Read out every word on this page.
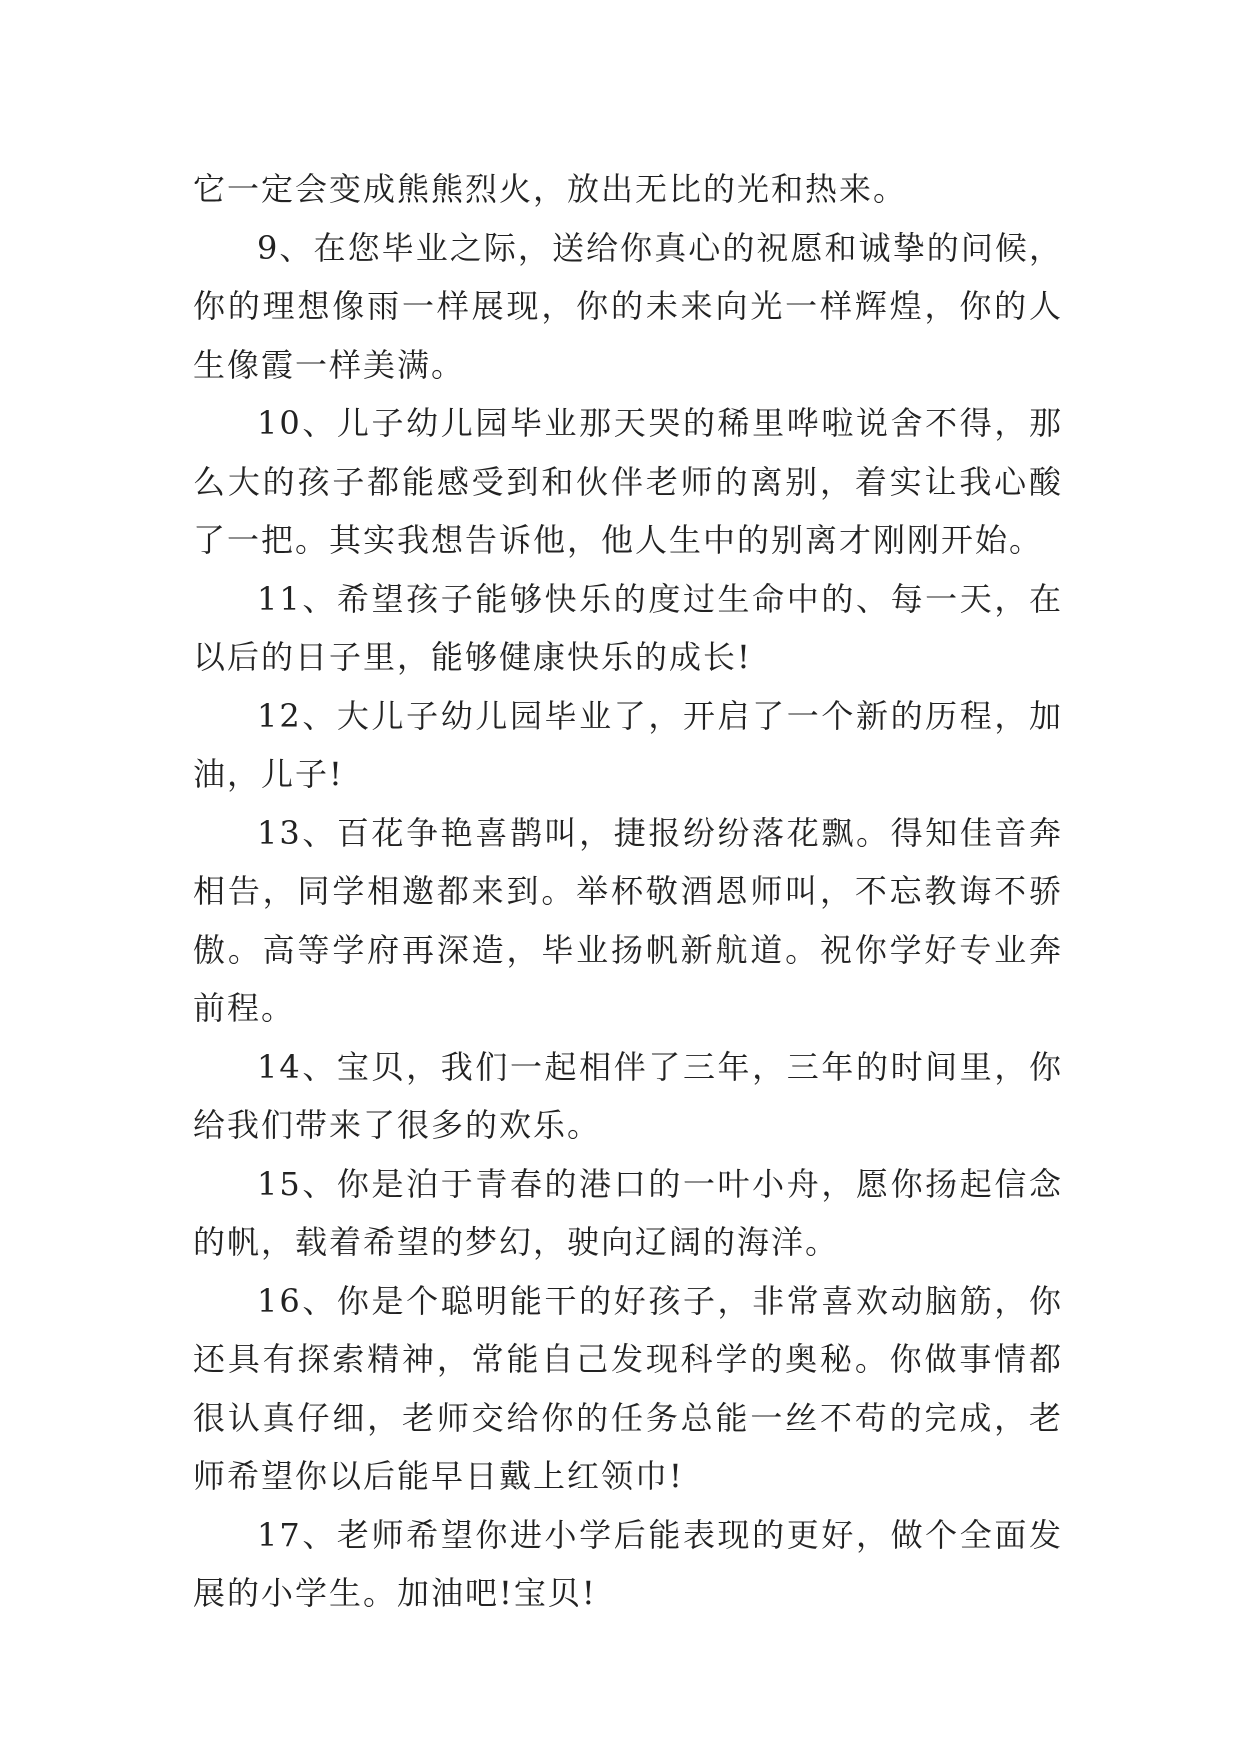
它一定会变成熊熊烈火，放出无比的光和热来。

9、在您毕业之际，送给你真心的祝愿和诚挚的问候，你的理想像雨一样展现，你的未来向光一样辉煌，你的人生像霞一样美满。

10、儿子幼儿园毕业那天哭的稀里哗啦说舍不得，那么大的孩子都能感受到和伙伴老师的离别，着实让我心酸了一把。其实我想告诉他，他人生中的别离才刚刚开始。

11、希望孩子能够快乐的度过生命中的、每一天，在以后的日子里，能够健康快乐的成长!

12、大儿子幼儿园毕业了，开启了一个新的历程，加油，儿子!

13、百花争艳喜鹊叫，捷报纷纷落花飘。得知佳音奔相告，同学相邀都来到。举杯敬酒恩师叫，不忘教诲不骄傲。高等学府再深造，毕业扬帆新航道。祝你学好专业奔前程。

14、宝贝，我们一起相伴了三年，三年的时间里，你给我们带来了很多的欢乐。

15、你是泊于青春的港口的一叶小舟，愿你扬起信念的帆，载着希望的梦幻，驶向辽阔的海洋。

16、你是个聪明能干的好孩子，非常喜欢动脑筋，你还具有探索精神，常能自己发现科学的奥秘。你做事情都很认真仔细，老师交给你的任务总能一丝不苟的完成，老师希望你以后能早日戴上红领巾!

17、老师希望你进小学后能表现的更好，做个全面发展的小学生。加油吧!宝贝!
